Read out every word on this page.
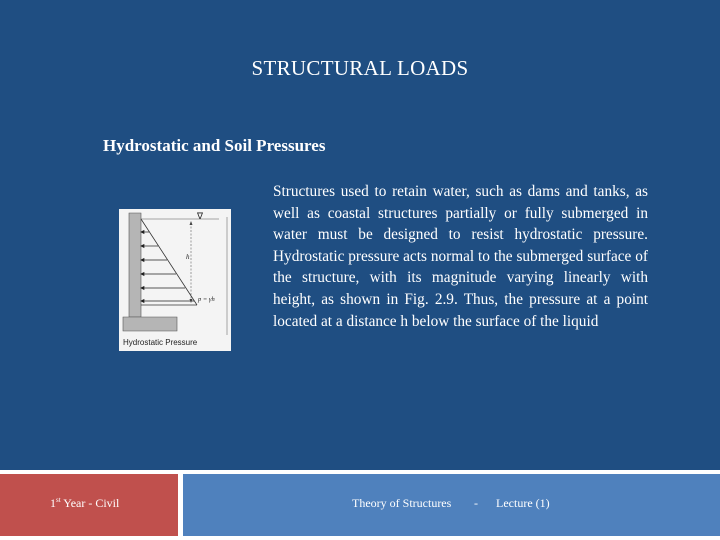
STRUCTURAL LOADS
Hydrostatic and Soil Pressures
∇
h
p = γh
Hydrostatic Pressure
Structures used to retain water, such as dams and tanks, as well as coastal structures partially or fully submerged in water must be designed to resist hydrostatic pressure. Hydrostatic pressure acts normal to the submerged surface of the structure, with its magnitude varying linearly with height, as shown in Fig. 2.9. Thus, the pressure at a point located at a distance h below the surface of the liquid
1st Year - Civil	Theory of Structures - Lecture (1)
